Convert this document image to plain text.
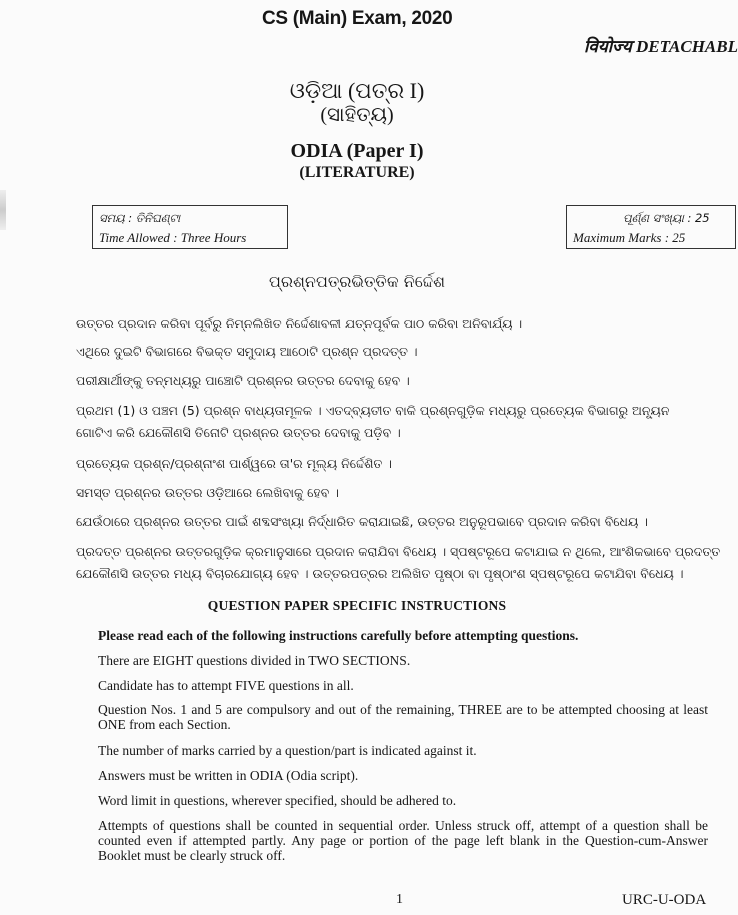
CS (Main) Exam, 2020
वियोज्य DETACHABL
ଓଡ଼ିଆ (ପତ୍ର I)
(ସାହିତ୍ୟ)
ODIA (Paper I)
(LITERATURE)
ସମୟ : ତିନିଘଣ୍ଟା
Time Allowed : Three Hours
ପୂର୍ଣ୍ଣ ସଂଖ୍ୟା : 25
Maximum Marks : 25
ପ୍ରଶ୍ନପତ୍ରଭିତ୍ତିକ ନିର୍ଦ୍ଦେଶ
ଉତ୍ତର ପ୍ରଦାନ କରିବା ପୂର୍ବରୁ ନିମ୍ନଲିଖିତ ନିର୍ଦ୍ଦେଶାବଳୀ ଯତ୍ନପୂର୍ବକ ପାଠ କରିବା ଅନିବାର୍ଯ୍ୟ ।
ଏଥିରେ ଦୁଇଟି ବିଭାଗରେ ବିଭକ୍ତ ସମୁଦାୟ ଆଠୋଟି ପ୍ରଶ୍ନ ପ୍ରଦତ୍ତ ।
ପରୀକ୍ଷାର୍ଥୀଙ୍କୁ ତନ୍ମଧ୍ୟରୁ ପାଞ୍ଚୋଟି ପ୍ରଶ୍ନର ଉତ୍ତର ଦେବାକୁ ହେବ ।
ପ୍ରଥମ (1) ଓ ପଞ୍ଚମ (5) ପ୍ରଶ୍ନ ବାଧ୍ୟତାମୂଳକ । ଏତଦ୍‌ବ୍ୟତୀତ ବାକି ପ୍ରଶ୍ନଗୁଡ଼ିକ ମଧ୍ୟରୁ ପ୍ରତ୍ୟେକ ବିଭାଗରୁ ଅନ୍ୟୂନ
ଗୋଟିଏ କରି ଯେକୌଣସି ତିନୋଟି ପ୍ରଶ୍ନର ଉତ୍ତର ଦେବାକୁ ପଡ଼ିବ ।
ପ୍ରତ୍ୟେକ ପ୍ରଶ୍ନ/ପ୍ରଶ୍ନାଂଶ ପାର୍ଶ୍ୱରେ ତା'ର ମୂଲ୍ୟ ନିର୍ଦ୍ଦେଶିତ ।
ସମସ୍ତ ପ୍ରଶ୍ନର ଉତ୍ତର ଓଡ଼ିଆରେ ଲେଖିବାକୁ ହେବ ।
ଯେଉଁଠାରେ ପ୍ରଶ୍ନର ଉତ୍ତର ପାଇଁ ଶବ୍ଦସଂଖ୍ୟା ନିର୍ଦ୍ଧାରିତ କରାଯାଇଛି, ଉତ୍ତର ଅନୁରୂପଭାବେ ପ୍ରଦାନ କରିବା ବିଧେୟ ।
ପ୍ରଦତ୍ତ ପ୍ରଶ୍ନର ଉତ୍ତରଗୁଡ଼ିକ କ୍ରମାନୁସାରେ ପ୍ରଦାନ କରାଯିବା ବିଧେୟ । ସ୍ପଷ୍ଟରୂପେ କଟାଯାଇ ନ ଥିଲେ, ଆଂଶିକଭାବେ ପ୍ରଦତ୍ତ
ଯେକୌଣସି ଉତ୍ତର ମଧ୍ୟ ବିଚାରଯୋଗ୍ୟ ହେବ । ଉତ୍ତରପତ୍ରର ଅଲିଖିତ ପୃଷ୍ଠା ବା ପୃଷ୍ଠାଂଶ ସ୍ପଷ୍ଟରୂପେ କଟାଯିବା ବିଧେୟ ।
QUESTION PAPER SPECIFIC INSTRUCTIONS
Please read each of the following instructions carefully before attempting questions.
There are EIGHT questions divided in TWO SECTIONS.
Candidate has to attempt FIVE questions in all.
Question Nos. 1 and 5 are compulsory and out of the remaining, THREE are to be attempted choosing at least ONE from each Section.
The number of marks carried by a question/part is indicated against it.
Answers must be written in ODIA (Odia script).
Word limit in questions, wherever specified, should be adhered to.
Attempts of questions shall be counted in sequential order. Unless struck off, attempt of a question shall be counted even if attempted partly. Any page or portion of the page left blank in the Question-cum-Answer Booklet must be clearly struck off.
1	URC-U-ODA
